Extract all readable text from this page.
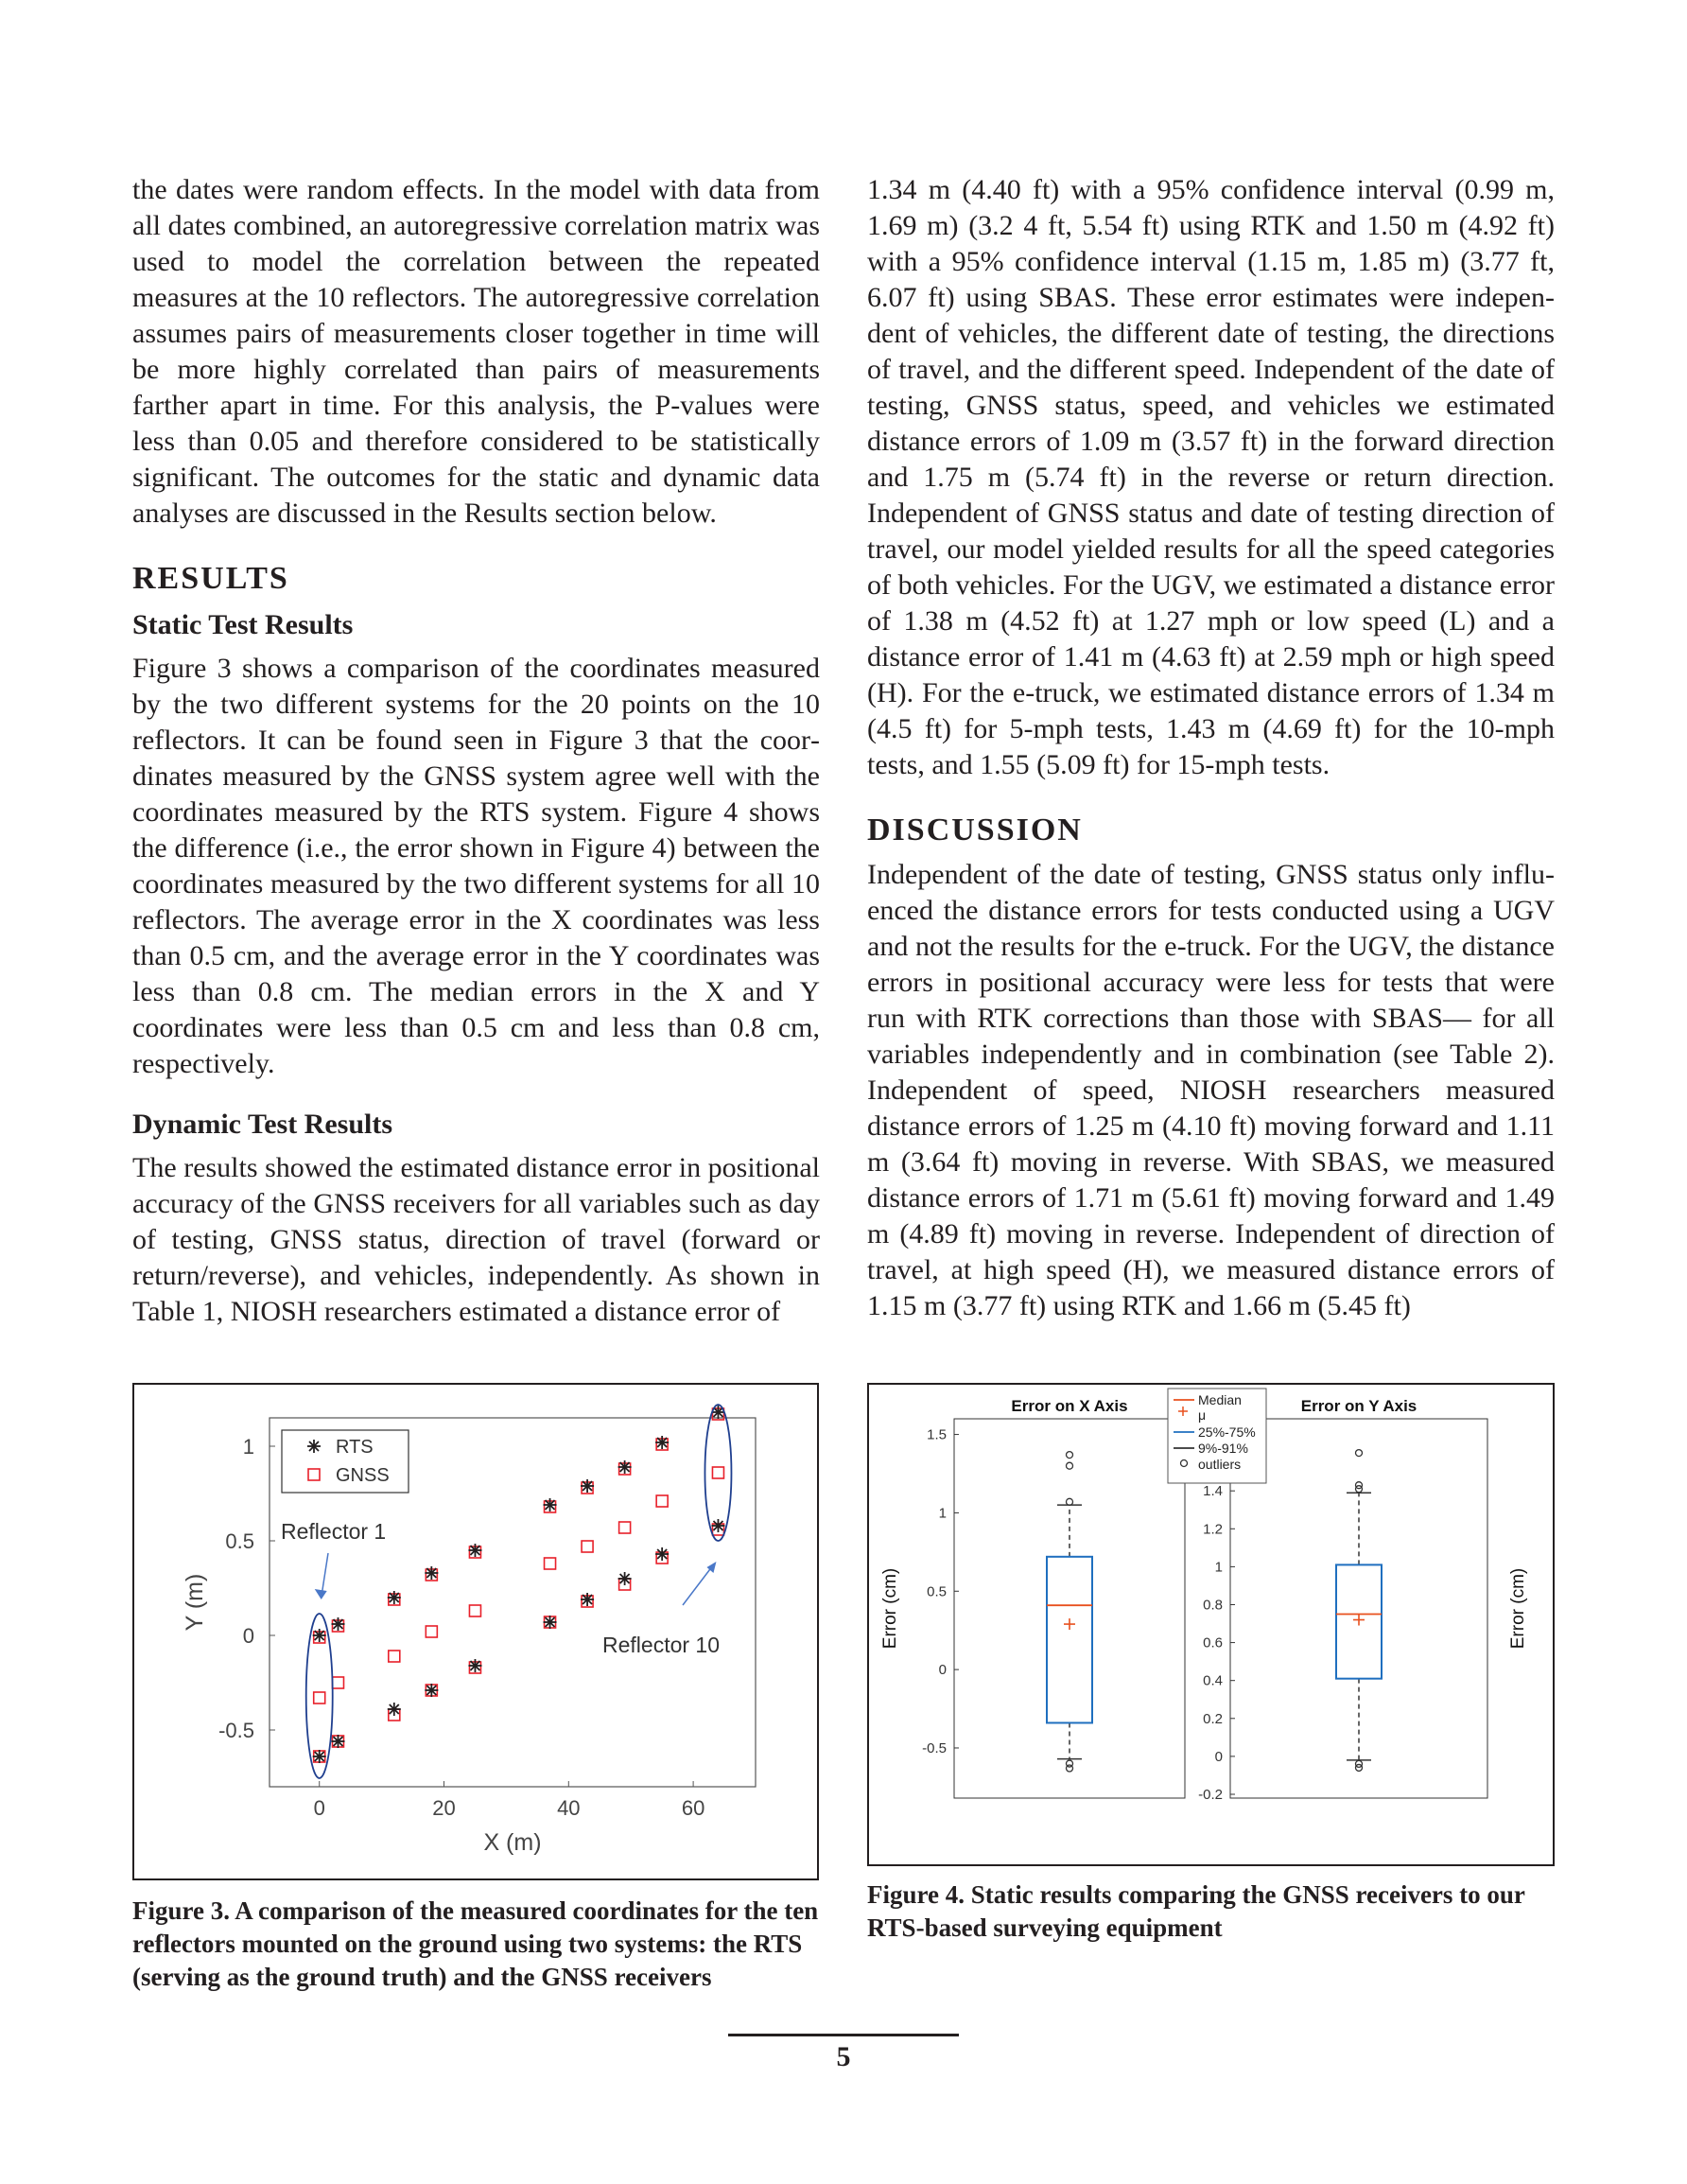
the dates were random effects. In the model with data from all dates combined, an autoregressive correlation matrix was used to model the correlation between the repeated measures at the 10 reflectors. The autoregressive correlation assumes pairs of measurements closer together in time will be more highly correlated than pairs of measurements farther apart in time. For this analysis, the P-values were less than 0.05 and therefore considered to be statistically significant. The outcomes for the static and dynamic data analyses are discussed in the Results section below.

RESULTS
Static Test Results

Figure 3 shows a comparison of the coordinates measured by the two different systems for the 20 points on the 10 reflectors. It can be found seen in Figure 3 that the coordinates measured by the GNSS system agree well with the coordinates measured by the RTS system. Figure 4 shows the difference (i.e., the error shown in Figure 4) between the coordinates measured by the two different systems for all 10 reflectors. The average error in the X coordinates was less than 0.5 cm, and the average error in the Y coordinates was less than 0.8 cm. The median errors in the X and Y coordinates were less than 0.5 cm and less than 0.8 cm, respectively.

Dynamic Test Results

The results showed the estimated distance error in positional accuracy of the GNSS receivers for all variables such as day of testing, GNSS status, direction of travel (forward or return/reverse), and vehicles, independently. As shown in Table 1, NIOSH researchers estimated a distance error of

1.34 m (4.40 ft) with a 95% confidence interval (0.99 m, 1.69 m) (3.2 4 ft, 5.54 ft) using RTK and 1.50 m (4.92 ft) with a 95% confidence interval (1.15 m, 1.85 m) (3.77 ft, 6.07 ft) using SBAS. These error estimates were independent of vehicles, the different date of testing, the directions of travel, and the different speed. Independent of the date of testing, GNSS status, speed, and vehicles we estimated distance errors of 1.09 m (3.57 ft) in the forward direction and 1.75 m (5.74 ft) in the reverse or return direction. Independent of GNSS status and date of testing direction of travel, our model yielded results for all the speed categories of both vehicles. For the UGV, we estimated a distance error of 1.38 m (4.52 ft) at 1.27 mph or low speed (L) and a distance error of 1.41 m (4.63 ft) at 2.59 mph or high speed (H). For the e-truck, we estimated distance errors of 1.34 m (4.5 ft) for 5-mph tests, 1.43 m (4.69 ft) for the 10-mph tests, and 1.55 (5.09 ft) for 15-mph tests.

DISCUSSION

Independent of the date of testing, GNSS status only influenced the distance errors for tests conducted using a UGV and not the results for the e-truck. For the UGV, the distance errors in positional accuracy were less for tests that were run with RTK corrections than those with SBAS— for all variables independently and in combination (see Table 2). Independent of speed, NIOSH researchers measured distance errors of 1.25 m (4.10 ft) moving forward and 1.11 m (3.64 ft) moving in reverse. With SBAS, we measured distance errors of 1.71 m (5.61 ft) moving forward and 1.49 m (4.89 ft) moving in reverse. Independent of direction of travel, at high speed (H), we measured distance errors of 1.15 m (3.77 ft) using RTK and 1.66 m (5.45 ft)

0	20	40	60
-0.5
0
0.5
1
X (m)
Y (m)
Reflector 1
Reflector 10
RTS
GNSS
Error on X Axis
-0.5
0
0.5
1
1.5
Error (cm)
Error on Y Axis
-0.2
0
0.2
0.4
0.6
0.8
1
1.2
1.4
Error (cm)
Median
μ
25%-75%
9%-91%
outliers

Figure 3. A comparison of the measured coordinates for the ten reflectors mounted on the ground using two systems: the RTS (serving as the ground truth) and the GNSS receivers

Figure 4. Static results comparing the GNSS receivers to our RTS-based surveying equipment

5
